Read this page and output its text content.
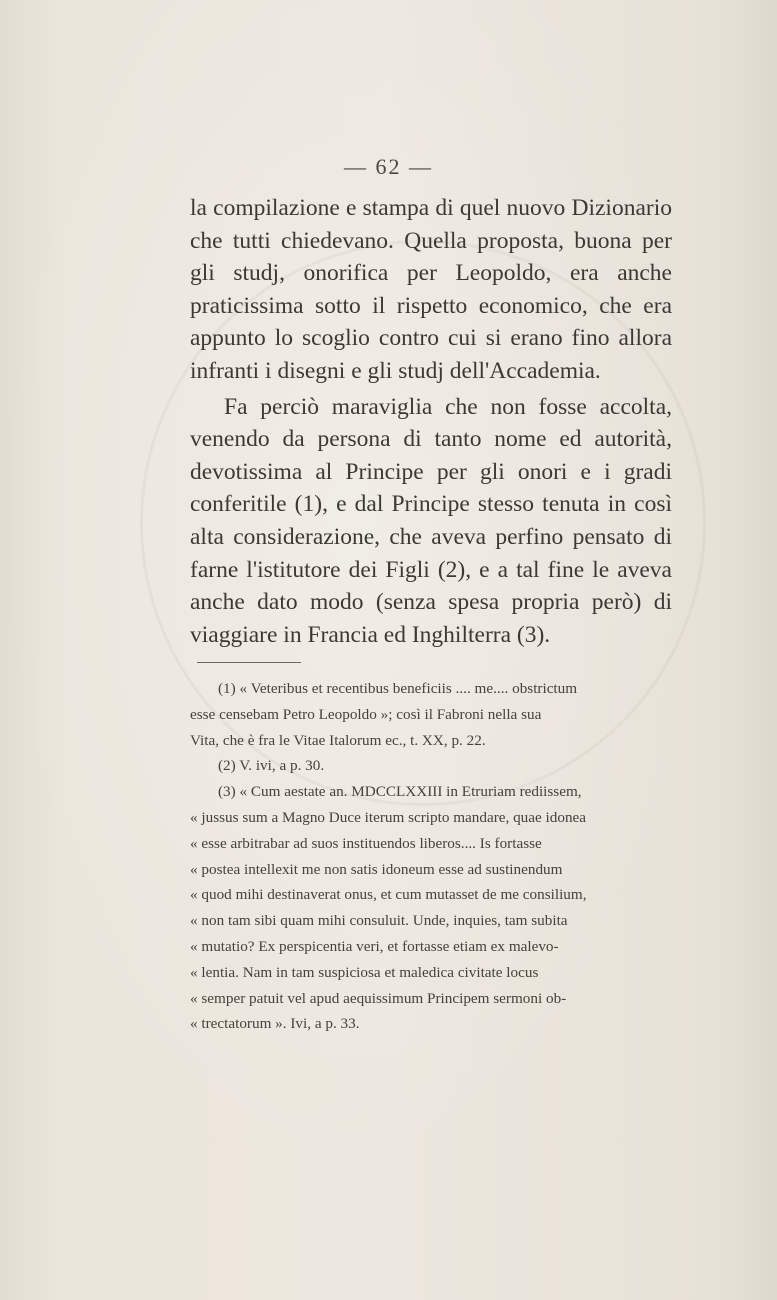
— 62 —

la compilazione e stampa di quel nuovo Dizionario che tutti chiedevano. Quella proposta, buona per gli studj, onorifica per Leopoldo, era anche praticissima sotto il rispetto economico, che era appunto lo scoglio contro cui si erano fino allora infranti i disegni e gli studj dell'Accademia.

Fa perciò maraviglia che non fosse accolta, venendo da persona di tanto nome ed autorità, devotissima al Principe per gli onori e i gradi conferitile (1), e dal Principe stesso tenuta in così alta considerazione, che aveva perfino pensato di farne l'istitutore dei Figli (2), e a tal fine le aveva anche dato modo (senza spesa propria però) di viaggiare in Francia ed Inghilterra (3).

(1) « Veteribus et recentibus beneficiis .... me.... obstrictum
esse censebam Petro Leopoldo »; così il Fabroni nella sua
Vita, che è fra le Vitae Italorum ec., t. XX, p. 22.
(2) V. ivi, a p. 30.
(3) « Cum aestate an. MDCCLXXIII in Etruriam rediissem,
« jussus sum a Magno Duce iterum scripto mandare, quae idonea
« esse arbitrabar ad suos instituendos liberos.... Is fortasse
« postea intellexit me non satis idoneum esse ad sustinendum
« quod mihi destinaverat onus, et cum mutasset de me consilium,
« non tam sibi quam mihi consuluit. Unde, inquies, tam subita
« mutatio? Ex perspicentia veri, et fortasse etiam ex malevo-
« lentia. Nam in tam suspiciosa et maledica civitate locus
« semper patuit vel apud aequissimum Principem sermoni ob-
« trectatorum ». Ivi, a p. 33.
